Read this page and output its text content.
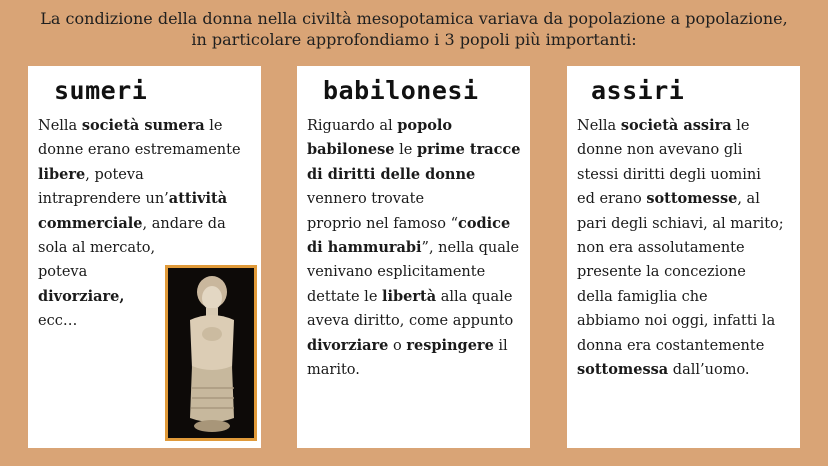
La condizione della donna nella civiltà mesopotamica variava da popolazione a popolazione,
in particolare approfondiamo i 3 popoli più importanti:
sumeri
Nella società sumera le
donne erano estremamente
libere, poteva
intraprendere un’attività
commerciale, andare da
sola al mercato,
poteva
divorziare,
ecc…
babilonesi
Riguardo al popolo
babilonese le prime tracce
di diritti delle donne
vennero trovate
proprio nel famoso “codice
di hammurabi”, nella quale
venivano esplicitamente
dettate le libertà alla quale
aveva diritto, come appunto
divorziare o respingere il
marito.
assiri
Nella società assira le
donne non avevano gli
stessi diritti degli uomini
ed erano sottomesse, al
pari degli schiavi, al marito;
non era assolutamente
presente la concezione
della famiglia che
abbiamo noi oggi, infatti la
donna era costantemente
sottomessa dall’uomo.
